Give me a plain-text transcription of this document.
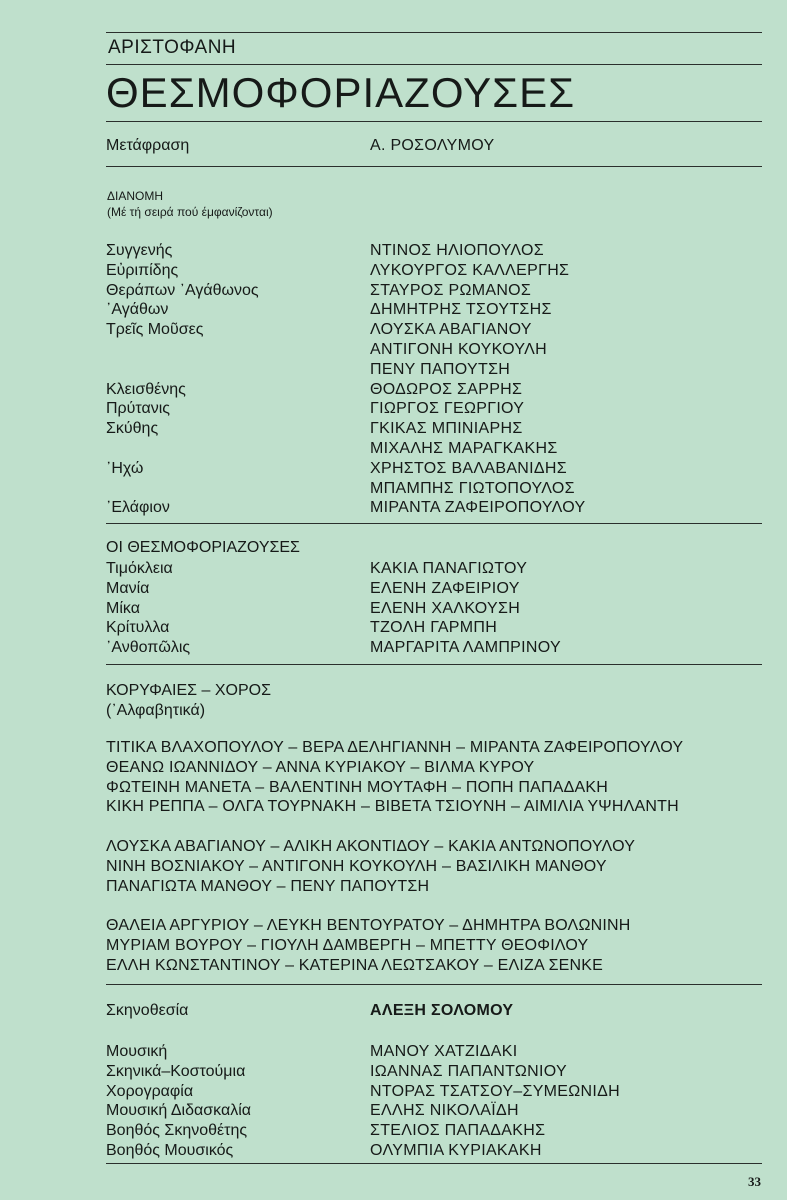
ΑΡΙΣΤΟΦΑΝΗ
ΘΕΣΜΟΦΟΡΙΑΖΟΥΣΕΣ
Μετάφραση	Α. ΡΟΣΟΛΥΜΟΥ
ΔΙΑΝΟΜΗ
(Μέ τή σειρά πού έμφανίζονται)
Συγγενής	ΝΤΙΝΟΣ ΗΛΙΟΠΟΥΛΟΣ
Εὐριπίδης	ΛΥΚΟΥΡΓΟΣ ΚΑΛΛΕΡΓΗΣ
Θεράπων ᾿Αγάθωνος	ΣΤΑΥΡΟΣ ΡΩΜΑΝΟΣ
᾿Αγάθων	ΔΗΜΗΤΡΗΣ ΤΣΟΥΤΣΗΣ
Τρεῖς Μοῦσες	ΛΟΥΣΚΑ ΑΒΑΓΙΑΝΟΥ
ΑΝΤΙΓΟΝΗ ΚΟΥΚΟΥΛΗ
ΠΕΝΥ ΠΑΠΟΥΤΣΗ
Κλεισθένης	ΘΟΔΩΡΟΣ ΣΑΡΡΗΣ
Πρύτανις	ΓΙΩΡΓΟΣ ΓΕΩΡΓΙΟΥ
Σκύθης	ΓΚΙΚΑΣ ΜΠΙΝΙΑΡΗΣ
ΜΙΧΑΛΗΣ ΜΑΡΑΓΚΑΚΗΣ
᾿Ηχώ	ΧΡΗΣΤΟΣ ΒΑΛΑΒΑΝΙΔΗΣ
ΜΠΑΜΠΗΣ ΓΙΩΤΟΠΟΥΛΟΣ
᾿Ελάφιον	ΜΙΡΑΝΤΑ ΖΑΦΕΙΡΟΠΟΥΛΟΥ
ΟΙ ΘΕΣΜΟΦΟΡΙΑΖΟΥΣΕΣ
Τιμόκλεια	ΚΑΚΙΑ ΠΑΝΑΓΙΩΤΟΥ
Μανία	ΕΛΕΝΗ ΖΑΦΕΙΡΙΟΥ
Μίκα	ΕΛΕΝΗ ΧΑΛΚΟΥΣΗ
Κρίτυλλα	ΤΖΟΛΗ ΓΑΡΜΠΗ
᾿Ανθοπῶλις	ΜΑΡΓΑΡΙΤΑ ΛΑΜΠΡΙΝΟΥ
ΚΟΡΥΦΑΙΕΣ – ΧΟΡΟΣ
(᾿Αλφαβητικά)
ΤΙΤΙΚΑ ΒΛΑΧΟΠΟΥΛΟΥ – ΒΕΡΑ ΔΕΛΗΓΙΑΝΝΗ – ΜΙΡΑΝΤΑ ΖΑΦΕΙΡΟΠΟΥΛΟΥ
ΘΕΑΝΩ ΙΩΑΝΝΙΔΟΥ – ΑΝΝΑ ΚΥΡΙΑΚΟΥ – ΒΙΛΜΑ ΚΥΡΟΥ
ΦΩΤΕΙΝΗ ΜΑΝΕΤΑ – ΒΑΛΕΝΤΙΝΗ ΜΟΥΤΑΦΗ – ΠΟΠΗ ΠΑΠΑΔΑΚΗ
ΚΙΚΗ ΡΕΠΠΑ – ΟΛΓΑ ΤΟΥΡΝΑΚΗ – ΒΙΒΕΤΑ ΤΣΙΟΥΝΗ – ΑΙΜΙΛΙΑ ΥΨΗΛΑΝΤΗ
ΛΟΥΣΚΑ ΑΒΑΓΙΑΝΟΥ – ΑΛΙΚΗ ΑΚΟΝΤΙΔΟΥ – ΚΑΚΙΑ ΑΝΤΩΝΟΠΟΥΛΟΥ
ΝΙΝΗ ΒΟΣΝΙΑΚΟΥ – ΑΝΤΙΓΟΝΗ ΚΟΥΚΟΥΛΗ – ΒΑΣΙΛΙΚΗ ΜΑΝΘΟΥ
ΠΑΝΑΓΙΩΤΑ ΜΑΝΘΟΥ – ΠΕΝΥ ΠΑΠΟΥΤΣΗ
ΘΑΛΕΙΑ ΑΡΓΥΡΙΟΥ – ΛΕΥΚΗ ΒΕΝΤΟΥΡΑΤΟΥ – ΔΗΜΗΤΡΑ ΒΟΛΩΝΙΝΗ
ΜΥΡΙΑΜ ΒΟΥΡΟΥ – ΓΙΟΥΛΗ ΔΑΜΒΕΡΓΗ – ΜΠΕΤΤΥ ΘΕΟΦΙΛΟΥ
ΕΛΛΗ ΚΩΝΣΤΑΝΤΙΝΟΥ – ΚΑΤΕΡΙΝΑ ΛΕΩΤΣΑΚΟΥ – ΕΛΙΖΑ ΣΕΝΚΕ
Σκηνοθεσία	ΑΛΕΞΗ ΣΟΛΟΜΟΥ
Μουσική	ΜΑΝΟΥ ΧΑΤΖΙΔΑΚΙ
Σκηνικά–Κοστούμια	ΙΩΑΝΝΑΣ ΠΑΠΑΝΤΩΝΙΟΥ
Χορογραφία	ΝΤΟΡΑΣ ΤΣΑΤΣΟΥ–ΣΥΜΕΩΝΙΔΗ
Μουσική Διδασκαλία	ΕΛΛΗΣ ΝΙΚΟΛΑΪΔΗ
Βοηθός Σκηνοθέτης	ΣΤΕΛΙΟΣ ΠΑΠΑΔΑΚΗΣ
Βοηθός Μουσικός	ΟΛΥΜΠΙΑ ΚΥΡΙΑΚΑΚΗ
33
